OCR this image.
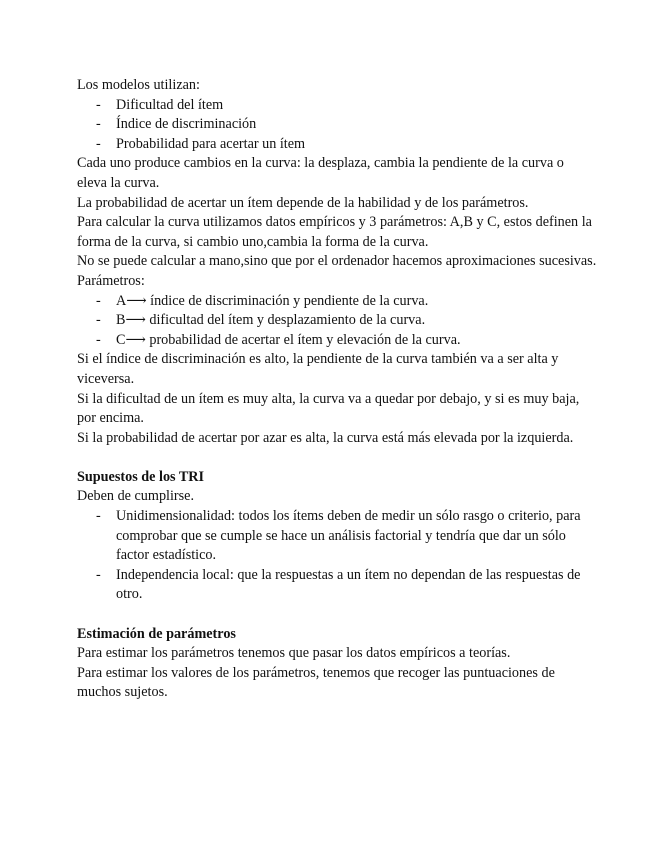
Los modelos utilizan:

- Dificultad del ítem
- Índice de discriminación
- Probabilidad para acertar un ítem

Cada uno produce cambios en la curva: la desplaza, cambia la pendiente de la curva o eleva la curva.

La probabilidad de acertar un ítem depende de la habilidad y de los parámetros.

Para calcular la curva utilizamos datos empíricos y 3 parámetros: A,B y C, estos definen la forma de la curva, si cambio uno,cambia la forma de la curva.

No se puede calcular a mano,sino que por el ordenador hacemos aproximaciones sucesivas.

Parámetros:

- A⟶ índice de discriminación y pendiente de la curva.
- B⟶ dificultad del ítem y desplazamiento de la curva.
- C⟶ probabilidad de acertar el ítem y elevación de la curva.

Si el índice de discriminación es alto, la pendiente de la curva también va a ser alta y viceversa.

Si la dificultad de un ítem es muy alta, la curva va a quedar por debajo, y si es muy baja, por encima.

Si la probabilidad de acertar por azar es alta, la curva está más elevada por la izquierda.

Supuestos de los TRI

Deben de cumplirse.

- Unidimensionalidad: todos los ítems deben de medir un sólo rasgo o criterio, para comprobar que se cumple se hace un análisis factorial y tendría que dar un sólo factor estadístico.
- Independencia local: que la respuestas a un ítem no dependan de las respuestas de otro.
Estimación de parámetros

Para estimar los parámetros tenemos que pasar los datos empíricos a teorías.

Para estimar los valores de los parámetros, tenemos que recoger las puntuaciones de muchos sujetos.
